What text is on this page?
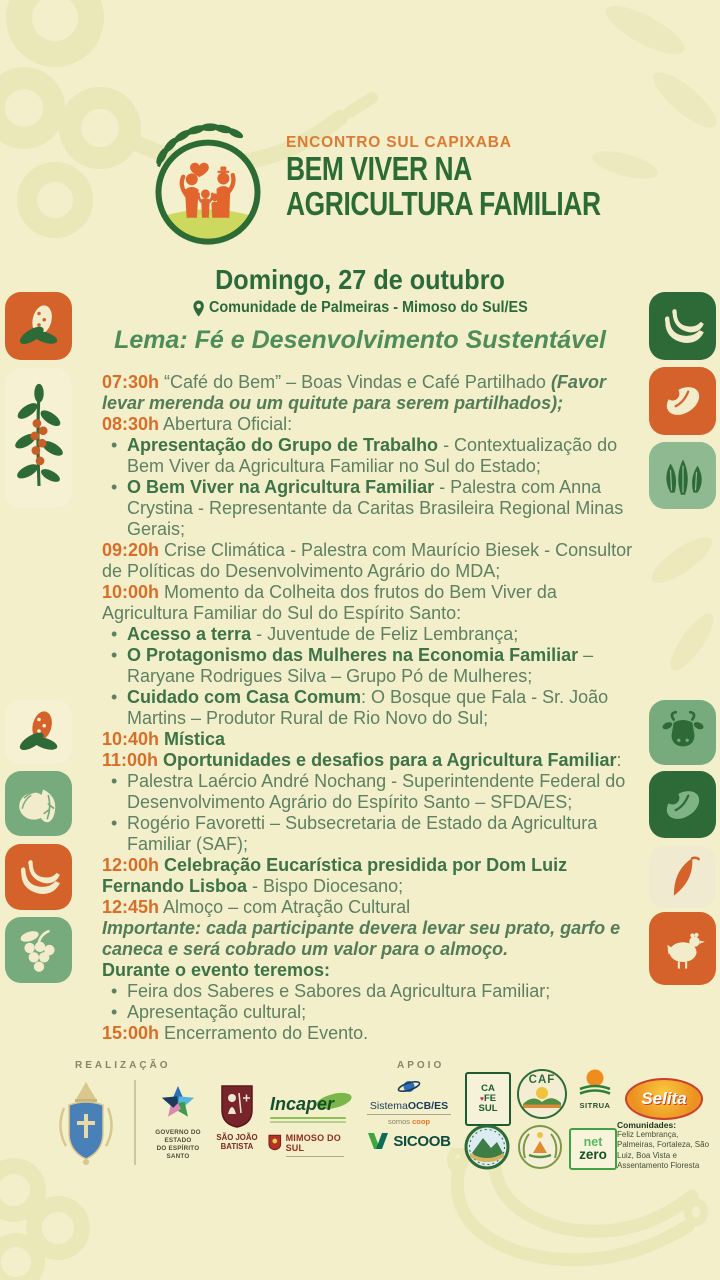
ENCONTRO SUL CAPIXABA
BEM VIVER NA
AGRICULTURA FAMILIAR
Domingo, 27 de outubro
Comunidade de Palmeiras - Mimoso do Sul/ES
Lema: Fé e Desenvolvimento Sustentável
07:30h “Café do Bem” – Boas Vindas e Café Partilhado (Favor levar merenda ou um quitute para serem partilhados);
08:30h Abertura Oficial:
• Apresentação do Grupo de Trabalho - Contextualização do Bem Viver da Agricultura Familiar no Sul do Estado;
• O Bem Viver na Agricultura Familiar - Palestra com Anna Crystina - Representante da Caritas Brasileira Regional Minas Gerais;
09:20h Crise Climática - Palestra com Maurício Biesek - Consultor de Políticas do Desenvolvimento Agrário do MDA;
10:00h Momento da Colheita dos frutos do Bem Viver da Agricultura Familiar do Sul do Espírito Santo:
• Acesso a terra - Juventude de Feliz Lembrança;
• O Protagonismo das Mulheres na Economia Familiar – Raryane Rodrigues Silva – Grupo Pó de Mulheres;
• Cuidado com Casa Comum: O Bosque que Fala - Sr. João Martins – Produtor Rural de Rio Novo do Sul;
10:40h Mística
11:00h Oportunidades e desafios para a Agricultura Familiar:
• Palestra Laércio André Nochang - Superintendente Federal do Desenvolvimento Agrário do Espírito Santo – SFDA/ES;
• Rogério Favoretti – Subsecretaria de Estado da Agricultura Familiar (SAF);
12:00h Celebração Eucarística presidida por Dom Luiz Fernando Lisboa - Bispo Diocesano;
12:45h Almoço – com Atração Cultural
Importante: cada participante devera levar seu prato, garfo e caneca e será cobrado um valor para o almoço.
Durante o evento teremos:
• Feira dos Saberes e Sabores da Agricultura Familiar;
• Apresentação cultural;
15:00h Encerramento do Evento.
REALIZAÇÃO	APOIO
GOVERNO DO ESTADO
DO ESPÍRITO SANTO
SÃO JOÃO
BATISTA
Incaper
MIMOSO DO SUL
SistemaOCB/ES
somos coop
SICOOB
CA
♥FE
SUL
CAF
SITRUA	Selita
net
zero
Comunidades:
Feliz Lembrança, Palmeiras, Fortaleza, São Luiz, Boa Vista e Assentamento Floresta
